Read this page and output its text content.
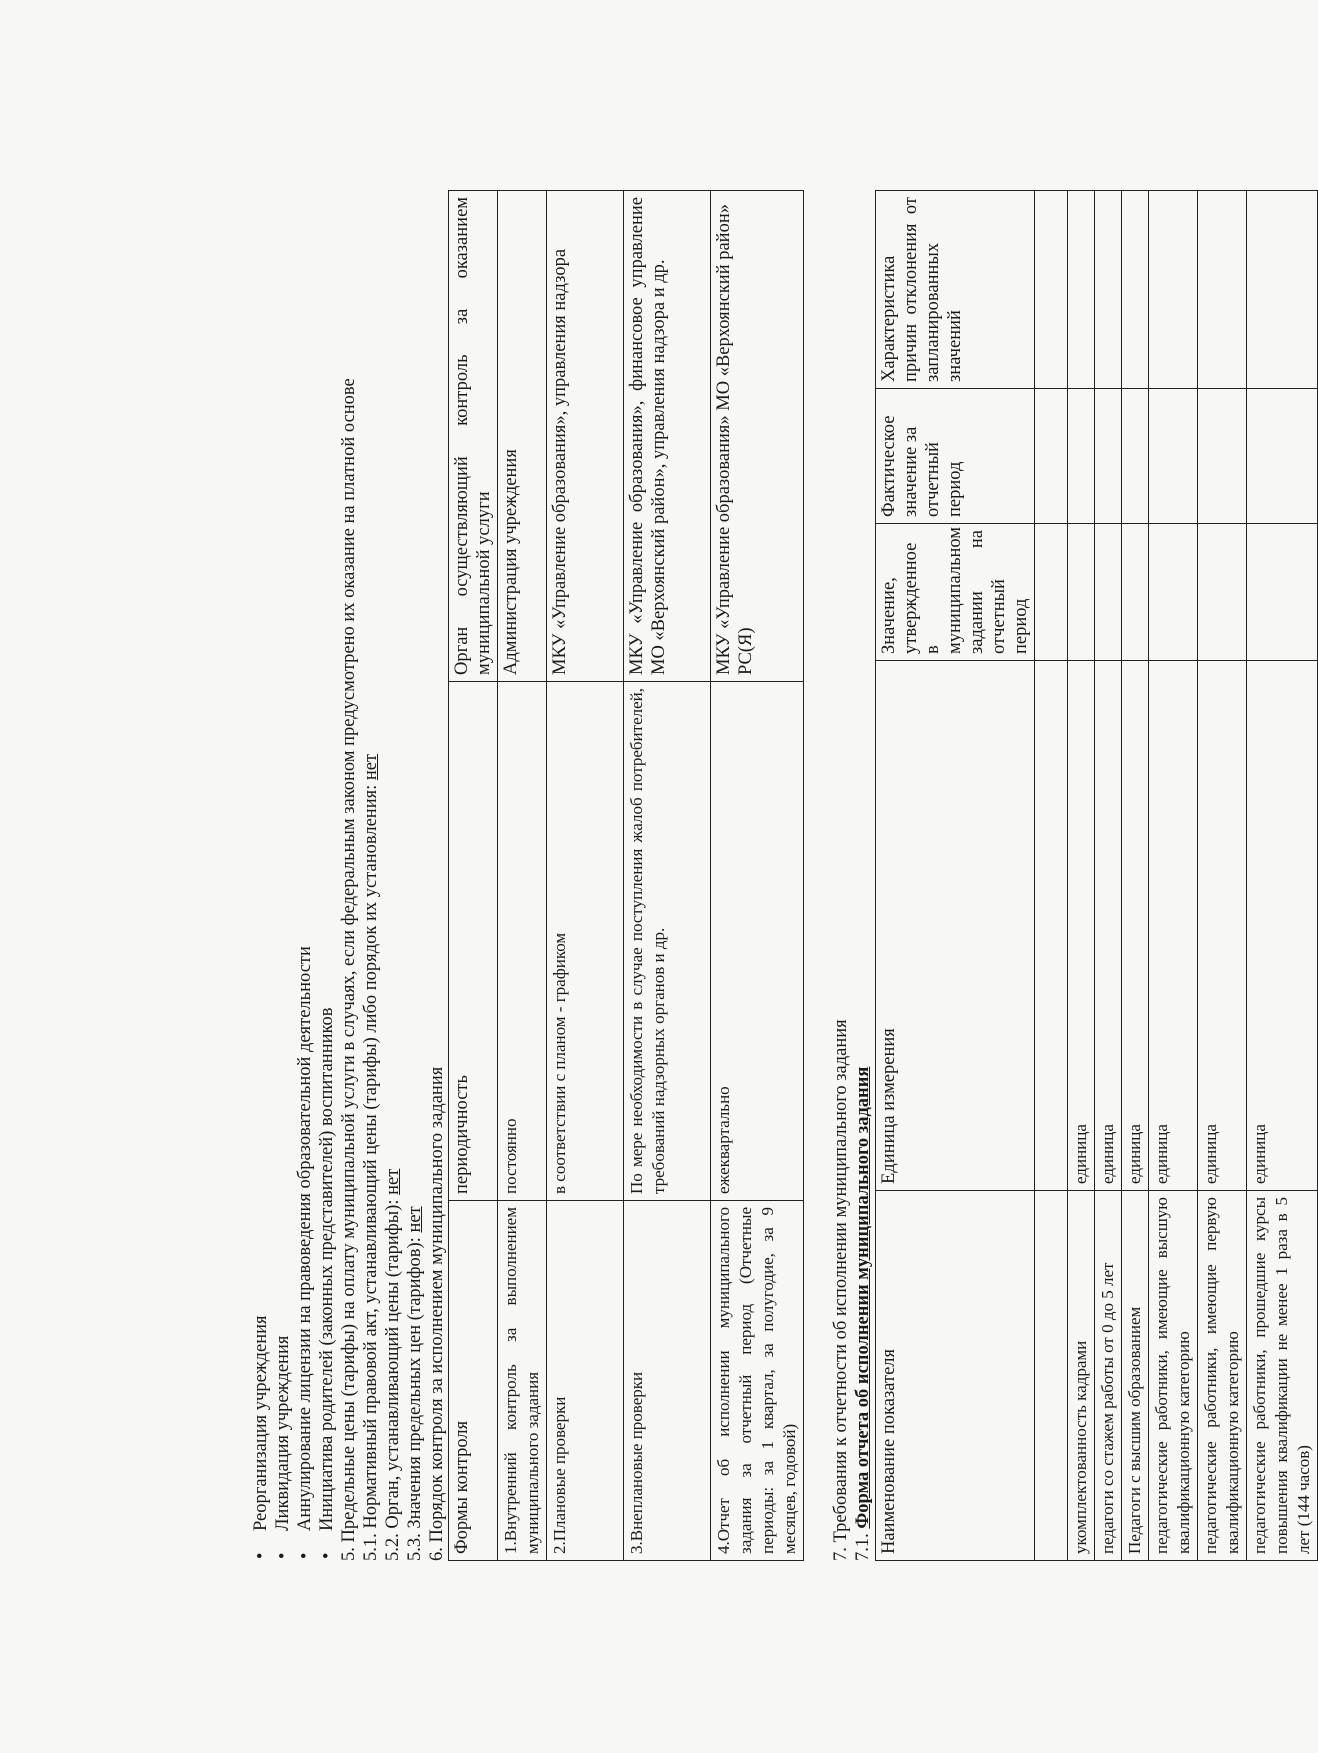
• Реорганизация учреждения • Ликвидация учреждения • Аннулирование лицензии на правоведения образовательной деятельности • Инициатива родителей (законных представителей) воспитанников 5. Предельные цены (тарифы) на оплату муниципальной услуги в случаях, если федеральным законом предусмотрено их оказание на платной основе 5.1. Нормативный правовой акт, устанавливающий цены (тарифы) либо порядок их установления: нет

5.2. Орган, устанавливающий цены (тарифы): нет

5.3. Значения предельных цен (тарифов): нет 6. Порядок контроля за исполнением муниципального задания Формы контроля	периодичность	Орган осуществляющий контроль за оказанием муниципальной услуги
1.Внутренний контроль за выполнением муниципального задания	постоянно	Администрация учреждения
2.Плановые проверки	в соответствии с планом - графиком	МКУ «Управление образования», управления надзора
3.Внеплановые проверки	По мере необходимости в случае поступления жалоб потребителей, требований надзорных органов и др.	МКУ «Управление образования», финансовое управление МО «Верхоянский район», управления надзора и др.
4.Отчет об исполнении муниципального задания за отчетный период (Отчетные периоды: за 1 квартал, за полугодие, за 9 месяцев, годовой)	ежеквартально	МКУ «Управление образования» МО «Верхоянский район» РС(Я)

7. Требования к отчетности об исполнении муниципального задания 7.1. Форма отчета об исполнении муниципального задания Наименование показателя	Единица измерения	Значение, утвержденное в муниципальном задании на отчетный период	Фактическое значение за отчетный период	Характеристика причин отклонения от запланированных значений

укомплектованность кадрами	единица			
педагоги со стажем работы от 0 до 5 лет	единица			
Педагоги с высшим образованием	единица			
педагогические работники, имеющие высшую квалификационную категорию	единица			
педагогические работники, имеющие первую квалификационную категорию	единица			
педагогические работники, прошедшие курсы повышения квалификации не менее 1 раза в 5 лет (144 часов)	единица			
